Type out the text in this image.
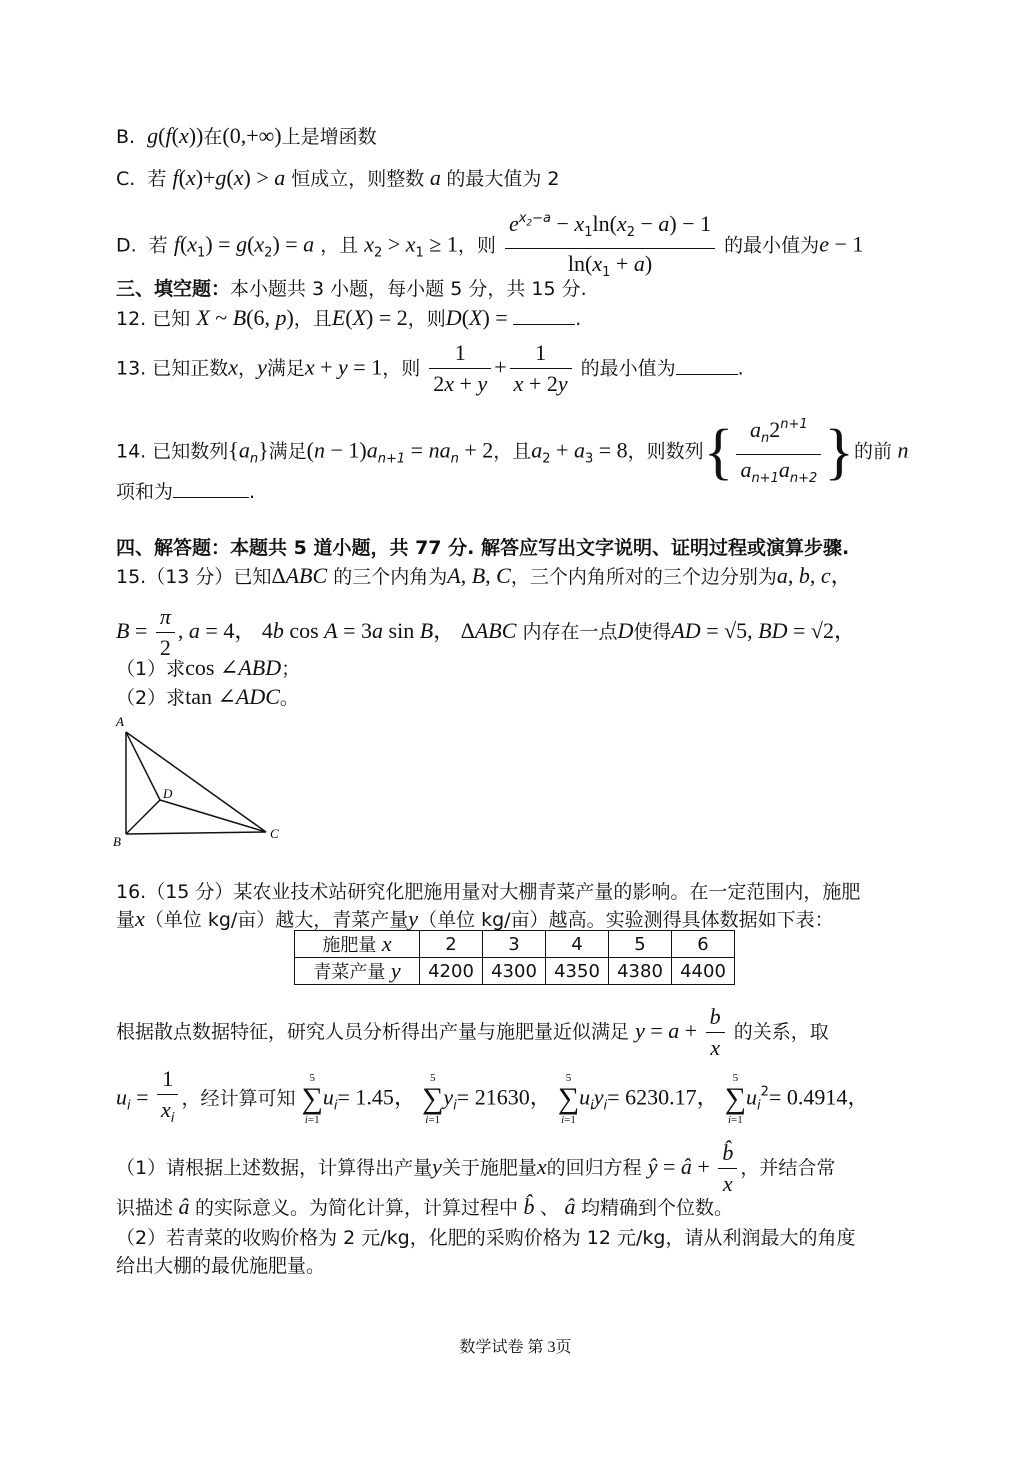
B. g(f(x))在(0,+∞)上是增函数
C. 若 f(x)+g(x) > a 恒成立，则整数 a 的最大值为 2
D. 若 $f(x_1) = g(x_2) = a$ ，且 $x_2 > x_1 \ge 1$，则 $\frac{e^{x_2-a} - x_1\ln(x_2 - a) - 1}{\ln(x_1 + a)}$ 的最小值为e − 1
三、填空题：本小题共 3 小题，每小题 5 分，共 15 分.
12. 已知 X ~ B(6, p)，且E(X) = 2，则D(X) =	.
13. 已知正数x，y满足x + y = 1，则 $\frac{1}{2x + y} + \frac{1}{x + 2y}$ 的最小值为	.
14. 已知数列$\{a_n\}$满足$(n - 1)a_{n+1} = na_n + 2$，且$a_2 + a_3 = 8$，则数列{ $\frac{a_n2^{n+1}}{a_{n+1}a_{n+2}}$ }的前 n
项和为	.
四、解答题：本题共 5 道小题，共 77 分. 解答应写出文字说明、证明过程或演算步骤.
15.（13 分）已知ΔABC 的三个内角为A, B, C，三个内角所对的三个边分别为a, b, c，
$B = \frac{\pi}{2}$ , a = 4， 4b cos A = 3a sin B， ΔABC 内存在一点D使得AD = √5, BD = √2，
（1）求cos ∠ABD；
（2）求tan ∠ADC。
A
B
C
D
16.（15 分）某农业技术站研究化肥施用量对大棚青菜产量的影响。在一定范围内，施肥
量x（单位 kg/亩）越大，青菜产量y（单位 kg/亩）越高。实验测得具体数据如下表：
施肥量 x	2	3	4	5	6
青菜产量 y	4200	4300	4350	4380	4400
根据散点数据特征，研究人员分析得出产量与施肥量近似满足 $y = a + \frac{b}{x}$ 的关系，取
$u_i = \frac{1}{x_i}$ ，经计算可知
5
∑
i=1
$u_i= 1.45$，
5
∑
i=1
$y_i= 21630$，
5
∑
i=1
$u_iy_i= 6230.17$，
5
∑
i=1
$u_i^2= 0.4914$，
（1）请根据上述数据，计算得出产量y关于施肥量x的回归方程 ŷ = â + $\frac{b̂}{x}$ ，并结合常
识描述 â 的实际意义。为简化计算，计算过程中 b̂ 、 â 均精确到个位数。
（2）若青菜的收购价格为 2 元/kg，化肥的采购价格为 12 元/kg，请从利润最大的角度
给出大棚的最优施肥量。
数学试卷 第 3页
